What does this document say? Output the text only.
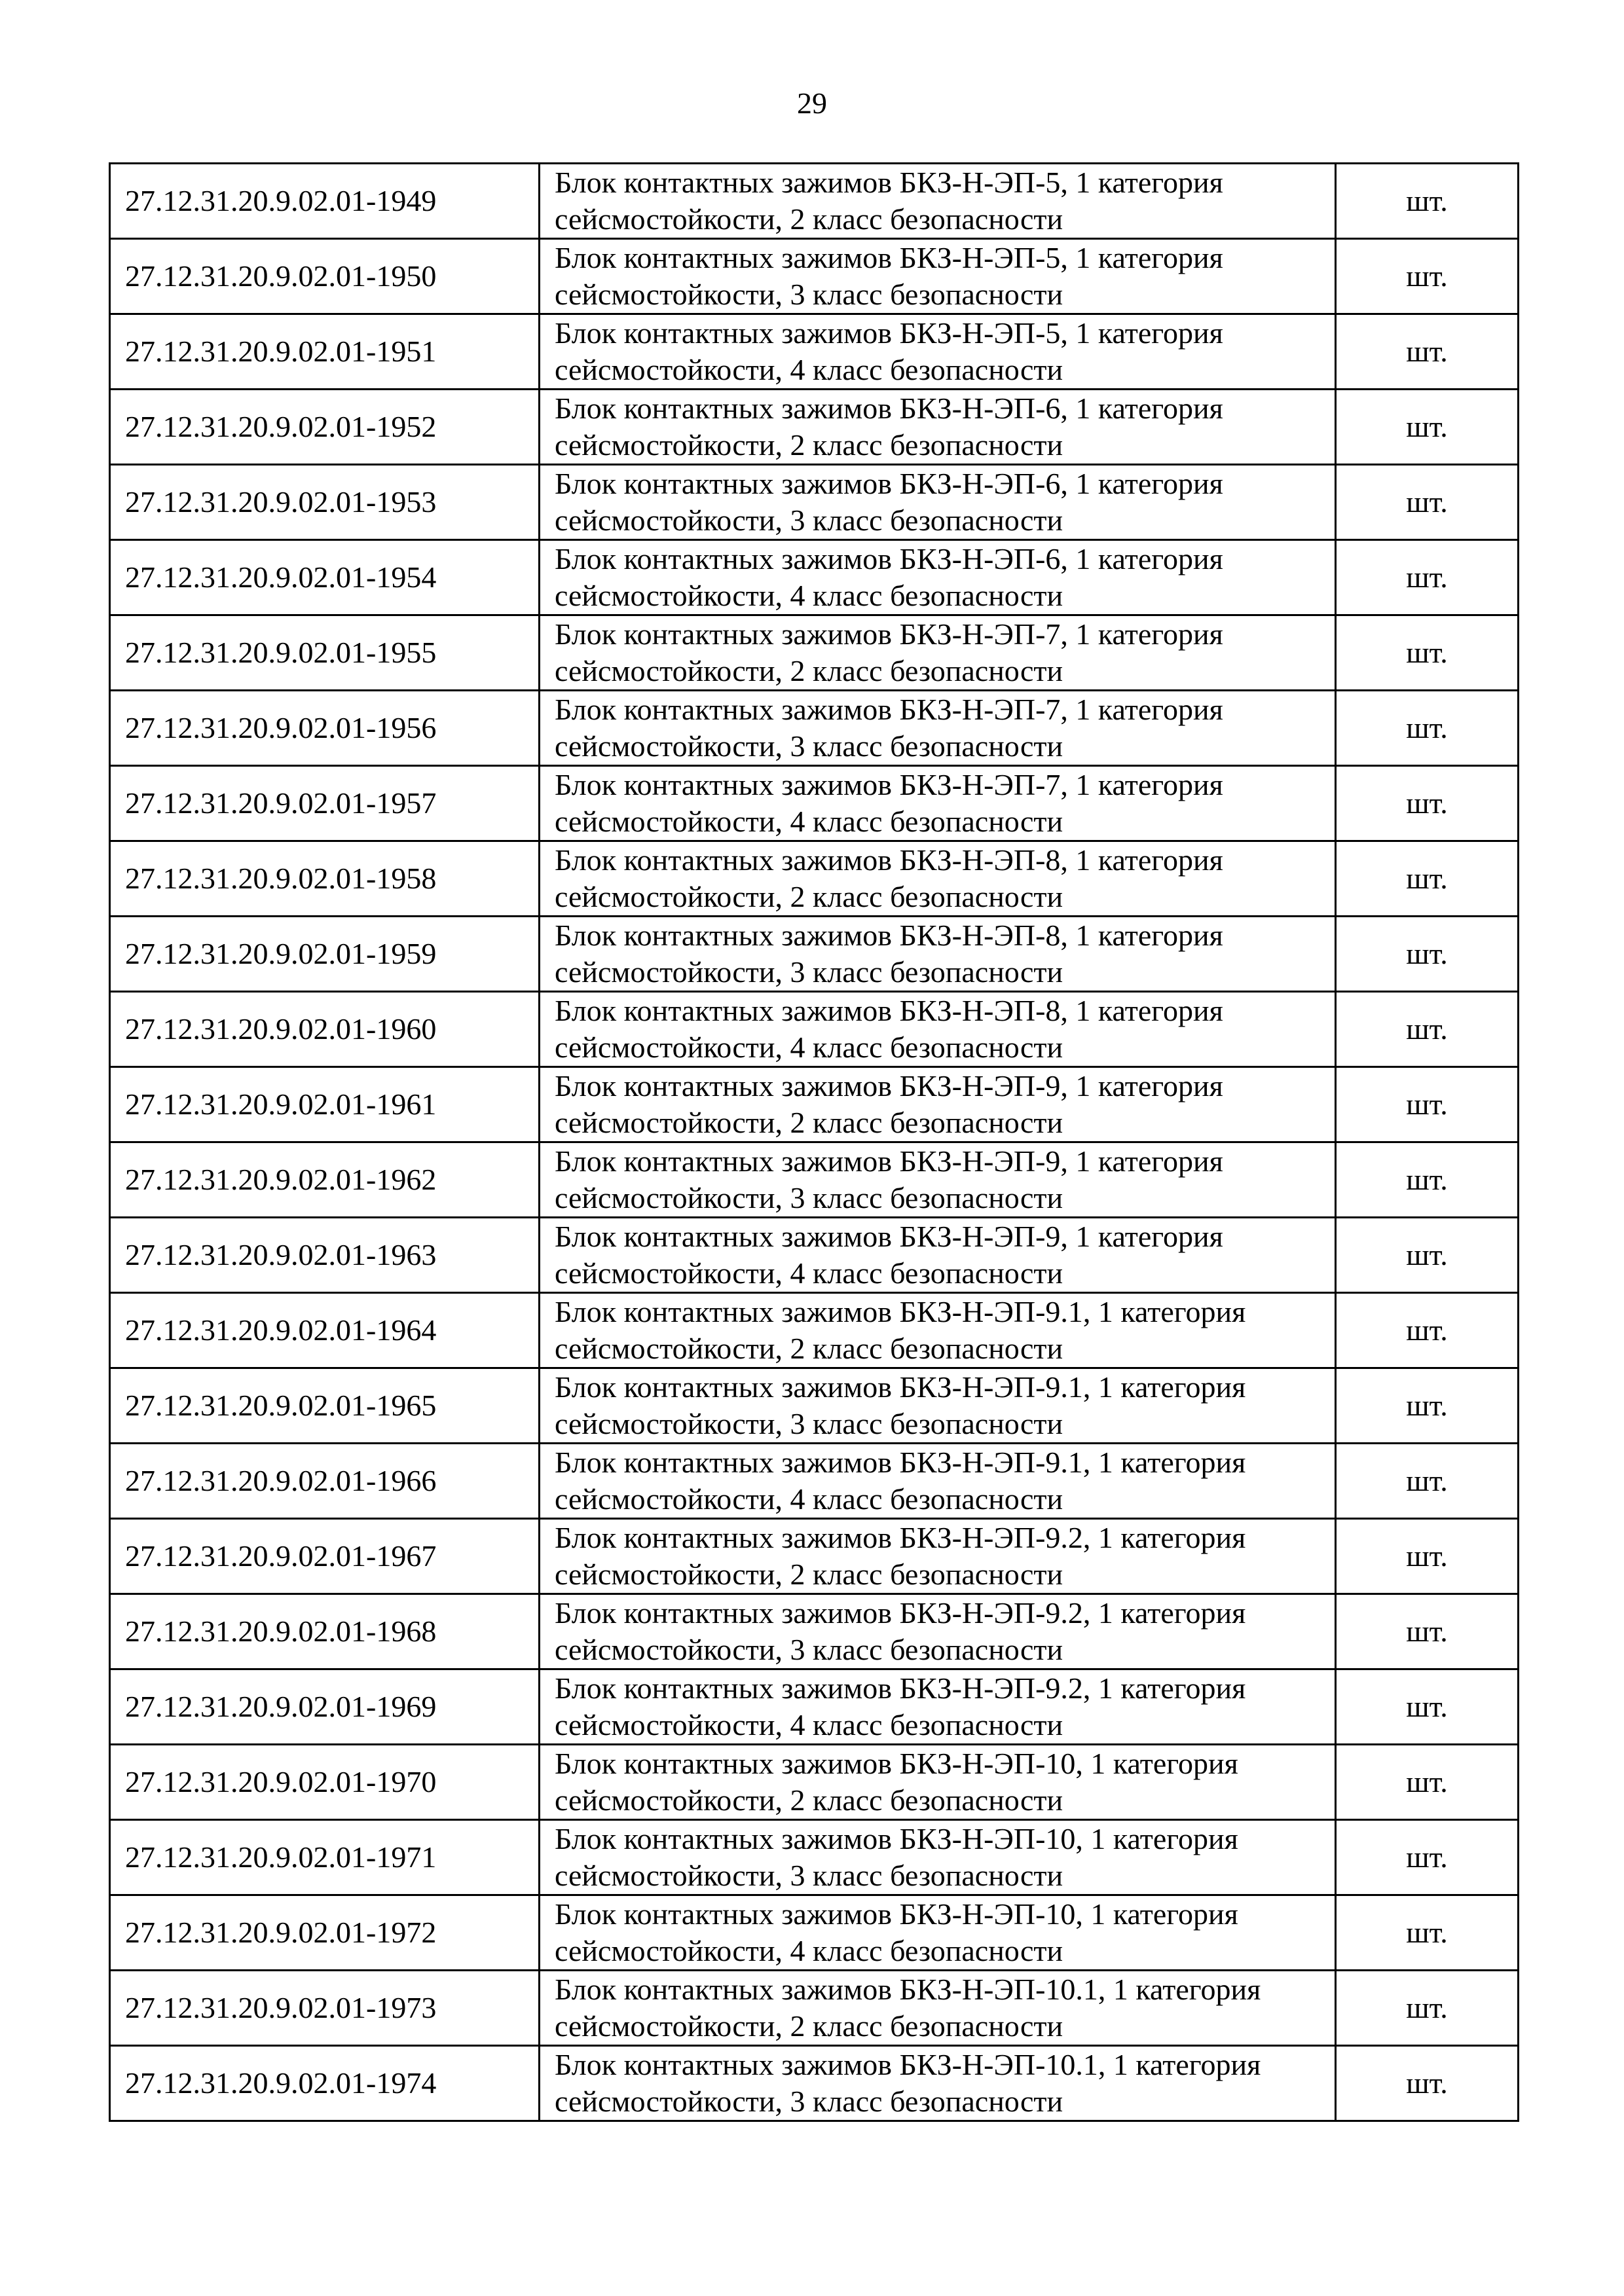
29
27.12.31.20.9.02.01-1949	Блок контактных зажимов БКЗ-Н-ЭП-5, 1 категория сейсмостойкости, 2 класс безопасности	шт.
27.12.31.20.9.02.01-1950	Блок контактных зажимов БКЗ-Н-ЭП-5, 1 категория сейсмостойкости, 3 класс безопасности	шт.
27.12.31.20.9.02.01-1951	Блок контактных зажимов БКЗ-Н-ЭП-5, 1 категория сейсмостойкости, 4 класс безопасности	шт.
27.12.31.20.9.02.01-1952	Блок контактных зажимов БКЗ-Н-ЭП-6, 1 категория сейсмостойкости, 2 класс безопасности	шт.
27.12.31.20.9.02.01-1953	Блок контактных зажимов БКЗ-Н-ЭП-6, 1 категория сейсмостойкости, 3 класс безопасности	шт.
27.12.31.20.9.02.01-1954	Блок контактных зажимов БКЗ-Н-ЭП-6, 1 категория сейсмостойкости, 4 класс безопасности	шт.
27.12.31.20.9.02.01-1955	Блок контактных зажимов БКЗ-Н-ЭП-7, 1 категория сейсмостойкости, 2 класс безопасности	шт.
27.12.31.20.9.02.01-1956	Блок контактных зажимов БКЗ-Н-ЭП-7, 1 категория сейсмостойкости, 3 класс безопасности	шт.
27.12.31.20.9.02.01-1957	Блок контактных зажимов БКЗ-Н-ЭП-7, 1 категория сейсмостойкости, 4 класс безопасности	шт.
27.12.31.20.9.02.01-1958	Блок контактных зажимов БКЗ-Н-ЭП-8, 1 категория сейсмостойкости, 2 класс безопасности	шт.
27.12.31.20.9.02.01-1959	Блок контактных зажимов БКЗ-Н-ЭП-8, 1 категория сейсмостойкости, 3 класс безопасности	шт.
27.12.31.20.9.02.01-1960	Блок контактных зажимов БКЗ-Н-ЭП-8, 1 категория сейсмостойкости, 4 класс безопасности	шт.
27.12.31.20.9.02.01-1961	Блок контактных зажимов БКЗ-Н-ЭП-9, 1 категория сейсмостойкости, 2 класс безопасности	шт.
27.12.31.20.9.02.01-1962	Блок контактных зажимов БКЗ-Н-ЭП-9, 1 категория сейсмостойкости, 3 класс безопасности	шт.
27.12.31.20.9.02.01-1963	Блок контактных зажимов БКЗ-Н-ЭП-9, 1 категория сейсмостойкости, 4 класс безопасности	шт.
27.12.31.20.9.02.01-1964	Блок контактных зажимов БКЗ-Н-ЭП-9.1, 1 категория сейсмостойкости, 2 класс безопасности	шт.
27.12.31.20.9.02.01-1965	Блок контактных зажимов БКЗ-Н-ЭП-9.1, 1 категория сейсмостойкости, 3 класс безопасности	шт.
27.12.31.20.9.02.01-1966	Блок контактных зажимов БКЗ-Н-ЭП-9.1, 1 категория сейсмостойкости, 4 класс безопасности	шт.
27.12.31.20.9.02.01-1967	Блок контактных зажимов БКЗ-Н-ЭП-9.2, 1 категория сейсмостойкости, 2 класс безопасности	шт.
27.12.31.20.9.02.01-1968	Блок контактных зажимов БКЗ-Н-ЭП-9.2, 1 категория сейсмостойкости, 3 класс безопасности	шт.
27.12.31.20.9.02.01-1969	Блок контактных зажимов БКЗ-Н-ЭП-9.2, 1 категория сейсмостойкости, 4 класс безопасности	шт.
27.12.31.20.9.02.01-1970	Блок контактных зажимов БКЗ-Н-ЭП-10, 1 категория сейсмостойкости, 2 класс безопасности	шт.
27.12.31.20.9.02.01-1971	Блок контактных зажимов БКЗ-Н-ЭП-10, 1 категория сейсмостойкости, 3 класс безопасности	шт.
27.12.31.20.9.02.01-1972	Блок контактных зажимов БКЗ-Н-ЭП-10, 1 категория сейсмостойкости, 4 класс безопасности	шт.
27.12.31.20.9.02.01-1973	Блок контактных зажимов БКЗ-Н-ЭП-10.1, 1 категория сейсмостойкости, 2 класс безопасности	шт.
27.12.31.20.9.02.01-1974	Блок контактных зажимов БКЗ-Н-ЭП-10.1, 1 категория сейсмостойкости, 3 класс безопасности	шт.
